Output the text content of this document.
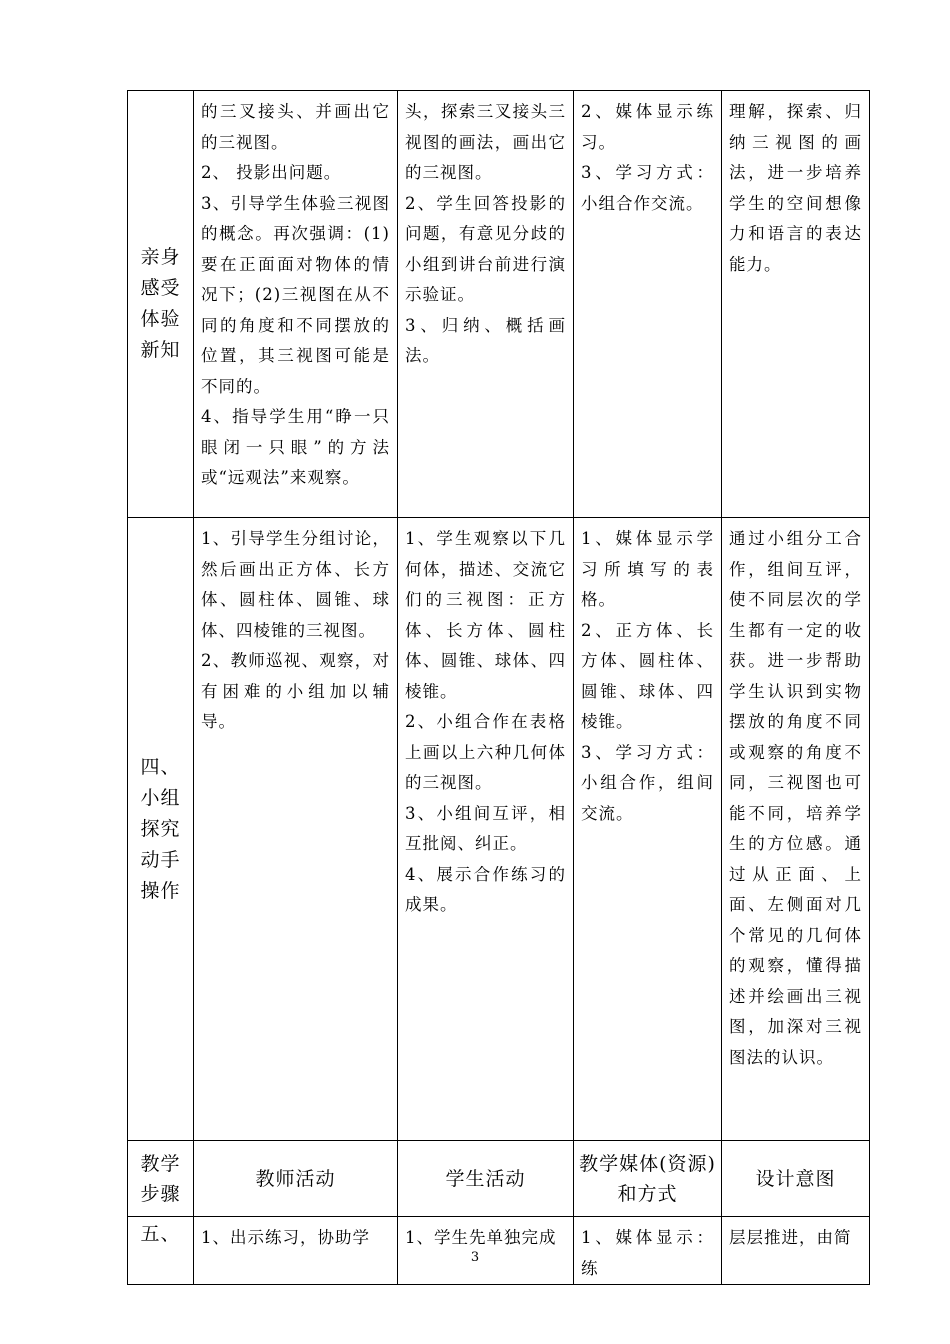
亲身感受体验新知	的三叉接头、并画出它的三视图。
2、 投影出问题。
3、引导学生体验三视图的概念。再次强调：(1)要在正面面对物体的情况下；(2)三视图在从不同的角度和不同摆放的位置，其三视图可能是不同的。
4、指导学生用“睁一只眼闭一只眼”的方法或“远观法”来观察。	头，探索三叉接头三视图的画法，画出它的三视图。
2、学生回答投影的问题，有意见分歧的小组到讲台前进行演示验证。
3、归纳、概括画法。	2、媒体显示练习。
3、学习方式：小组合作交流。	理解，探索、归纳三视图的画法，进一步培养学生的空间想像力和语言的表达能力。

四、小组探究动手操作	1、引导学生分组讨论，然后画出正方体、长方体、圆柱体、圆锥、球体、四棱锥的三视图。
2、教师巡视、观察，对有困难的小组加以辅导。	1、学生观察以下几何体，描述、交流它们的三视图：正方体、长方体、圆柱体、圆锥、球体、四棱锥。
2、小组合作在表格上画以上六种几何体的三视图。
3、小组间互评，相互批阅、纠正。
4、展示合作练习的成果。	1、媒体显示学习所填写的表格。
2、正方体、长方体、圆柱体、圆锥、球体、四棱锥。
3、学习方式：小组合作，组间交流。	通过小组分工合作，组间互评，使不同层次的学生都有一定的收获。进一步帮助学生认识到实物摆放的角度不同或观察的角度不同，三视图也可能不同，培养学生的方位感。通过从正面、上面、左侧面对几个常见的几何体的观察，懂得描述并绘画出三视图，加深对三视图法的认识。

教学步骤	教师活动	学生活动	教学媒体(资源)和方式	设计意图
五、	1、出示练习，协助学	1、学生先单独完成	1、媒体显示：练	层层推进，由简
3
